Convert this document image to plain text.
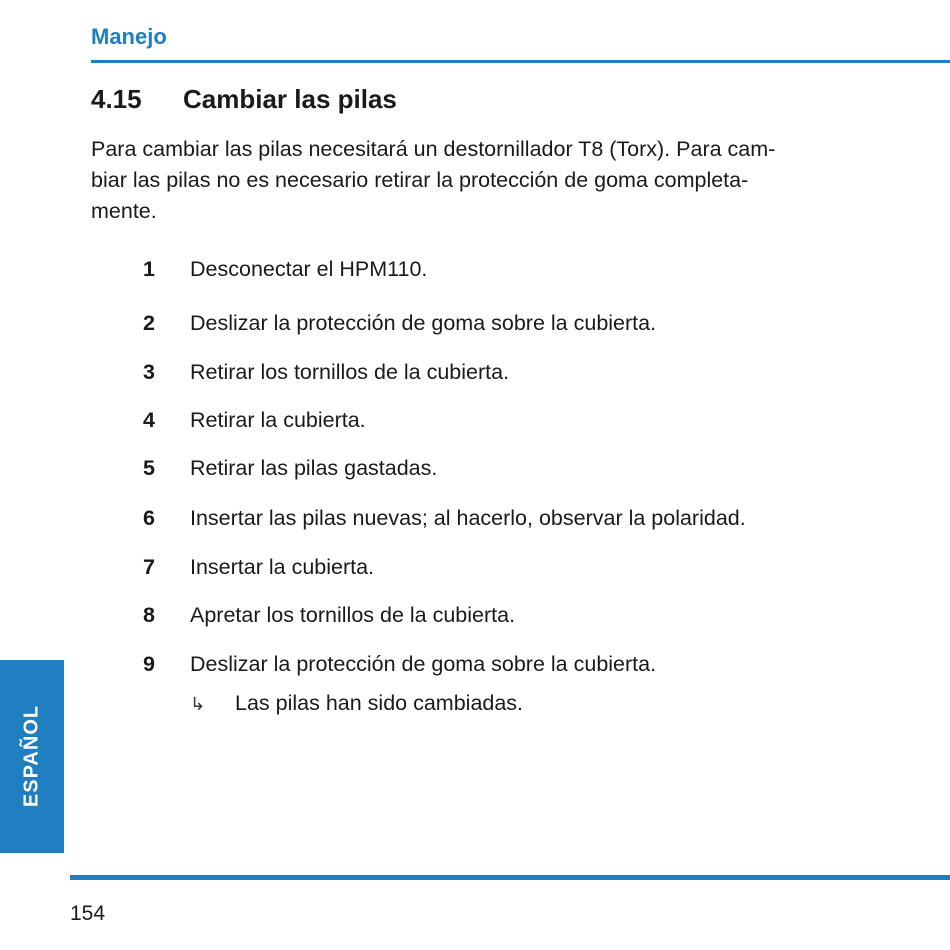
Manejo
4.15 Cambiar las pilas

Para cambiar las pilas necesitará un destornillador T8 (Torx). Para cam-
biar las pilas no es necesario retirar la protección de goma completa-
mente.

1 Desconectar el HPM110.
2 Deslizar la protección de goma sobre la cubierta.
3 Retirar los tornillos de la cubierta.
4 Retirar la cubierta.
5 Retirar las pilas gastadas.
6 Insertar las pilas nuevas; al hacerlo, observar la polaridad.
7 Insertar la cubierta.
8 Apretar los tornillos de la cubierta.
9 Deslizar la protección de goma sobre la cubierta.
↳ Las pilas han sido cambiadas.
ESPAÑOL
154
